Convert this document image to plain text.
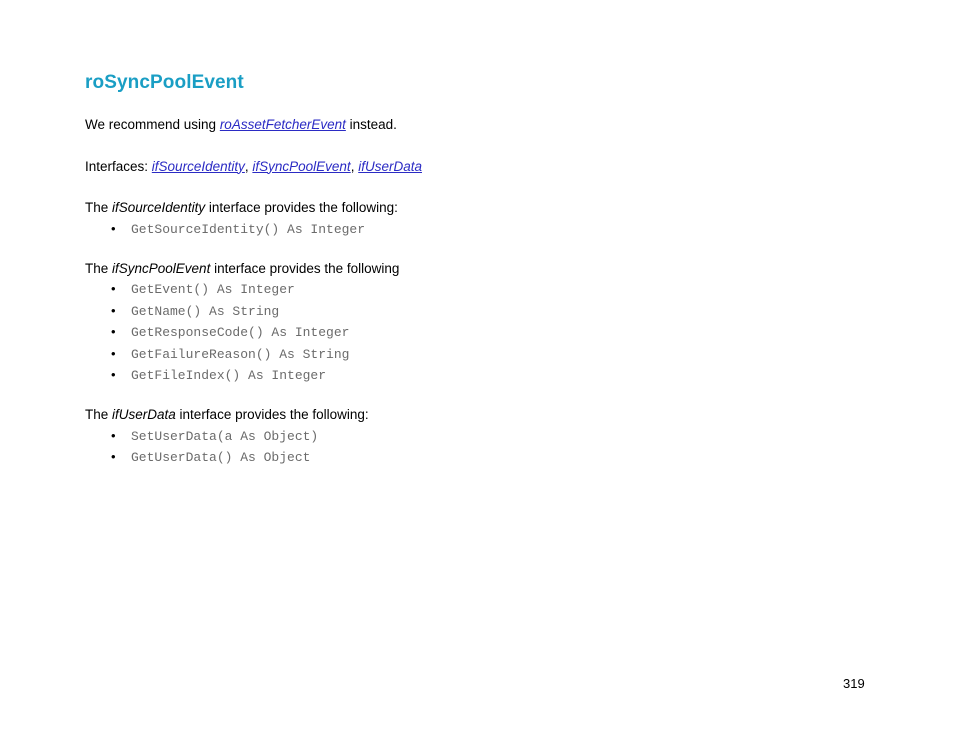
roSyncPoolEvent

We recommend using roAssetFetcherEvent instead.

Interfaces: ifSourceIdentity, ifSyncPoolEvent, ifUserData

The ifSourceIdentity interface provides the following:

• GetSourceIdentity() As Integer

The ifSyncPoolEvent interface provides the following

• GetEvent() As Integer
• GetName() As String
• GetResponseCode() As Integer
• GetFailureReason() As String
• GetFileIndex() As Integer

The ifUserData interface provides the following:

• SetUserData(a As Object)
• GetUserData() As Object
319
